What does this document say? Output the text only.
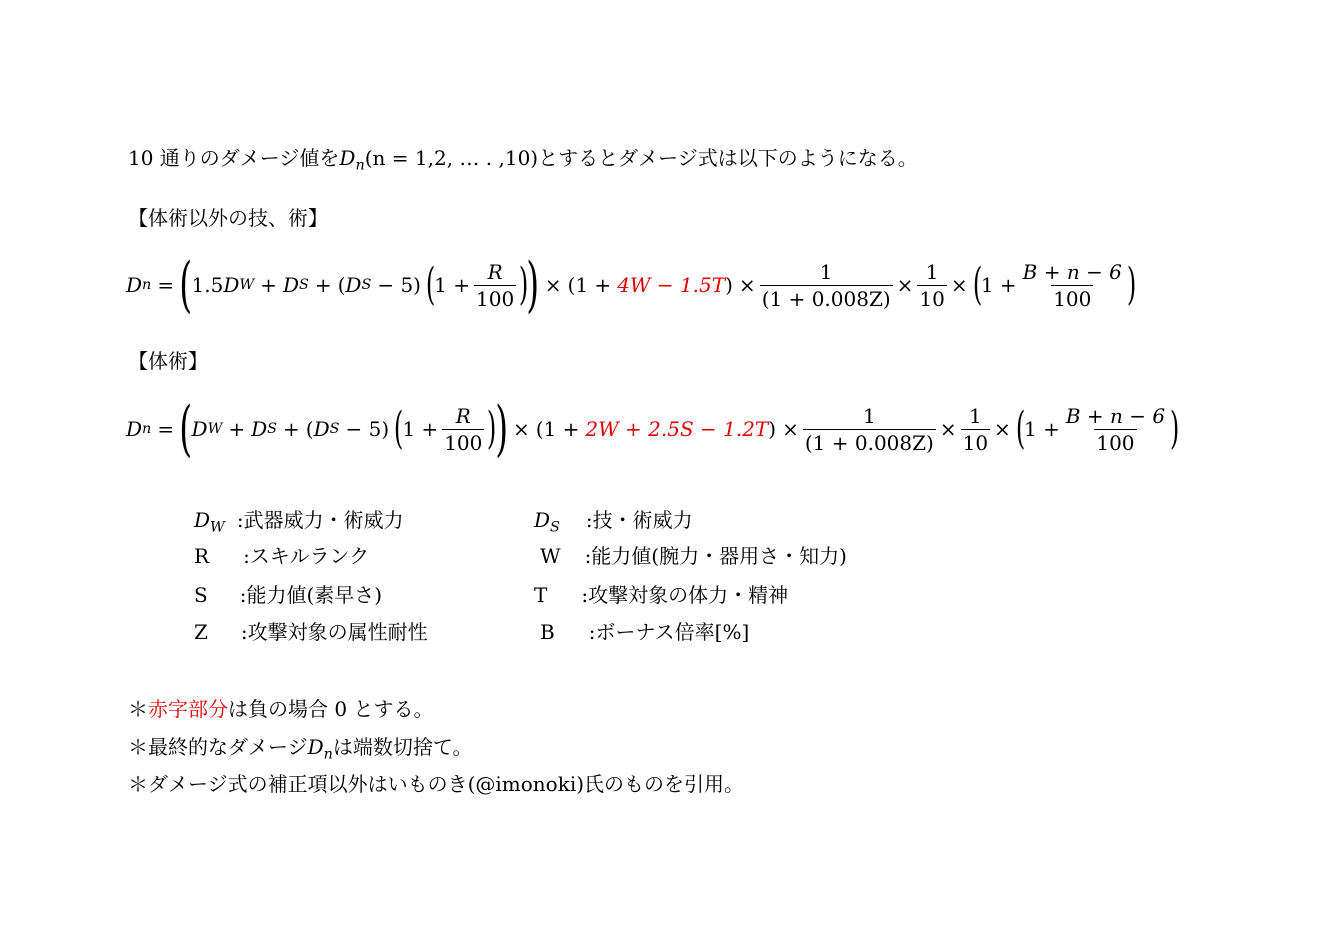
10 通りのダメージ値を$D_n(n = 1,2$, … . ,10)とするとダメージ式は以下のようになる。
【体術以外の技、術】
D n = ( 1.5 D W + D S + ( D S − 5) (
$1 + \frac{R}{100}$ )
) × (1 + 4W − 1.5T ) × $\frac{1}{(1 + 0.008Z)} \times \frac{1}{10}$ × (
$1 + \frac{B + n - 6}{100}$ )
【体術】
D n = ( D W + D S + ( D S − 5) (
$1 + \frac{R}{100}$ )
) × (1 + 2W + 2.5S − 1.2T ) × $\frac{1}{(1 + 0.008Z)} \times \frac{1}{10}$ × (
$1 + \frac{B + n - 6}{100}$ )
$D_W$ :武器威力・術威力	$D_S$ :技・術威力
R :スキルランク	W :能力値(腕力・器用さ・知力)
S :能力値(素早さ)	T :攻撃対象の体力・精神
Z :攻撃対象の属性耐性	B :ボーナス倍率[%]
＊赤字部分は負の場合 0 とする。
＊最終的なダメージ$D_n$は端数切捨て。
＊ダメージ式の補正項以外はいものき(@imonoki)氏のものを引用。
